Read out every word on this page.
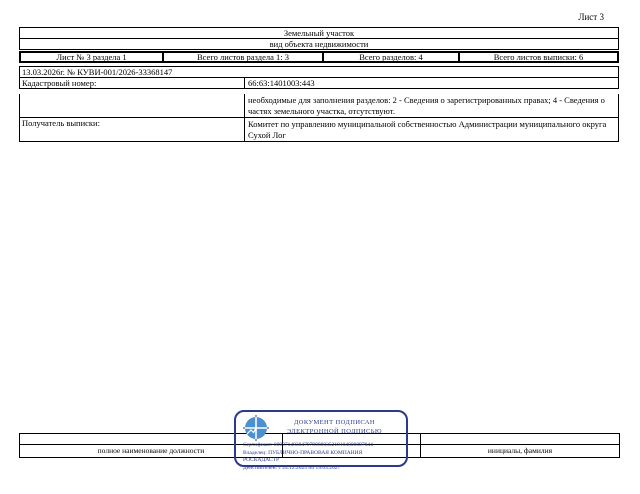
Лист 3
Земельный участок
вид объекта недвижимости
Лист № 3 раздела 1	Всего листов раздела 1: 3	Всего разделов: 4	Всего листов выписки: 6
13.03.2026г. № КУВИ-001/2026-33368147
Кадастровый номер:	66:63:1401003:443
необходимые для заполнения разделов: 2 - Сведения о зарегистрированных правах; 4 - Сведения о частях земельного участка, отсутствуют.
Получатель выписки:	Комитет по управлению муниципальной собственностью Администрации муниципального округа Сухой Лог
полное наименование должности	инициалы, фамилия
ДОКУМЕНТ ПОДПИСАН
ЭЛЕКТРОННОЙ ПОДПИСЬЮ
Сертификат: 009971483847979988035219104000097844
Владелец: ПУБЛИЧНО-ПРАВОВАЯ КОМПАНИЯ
РОСКАДАСТР
Действителен: с 24.12.2025 по 19.03.2027
